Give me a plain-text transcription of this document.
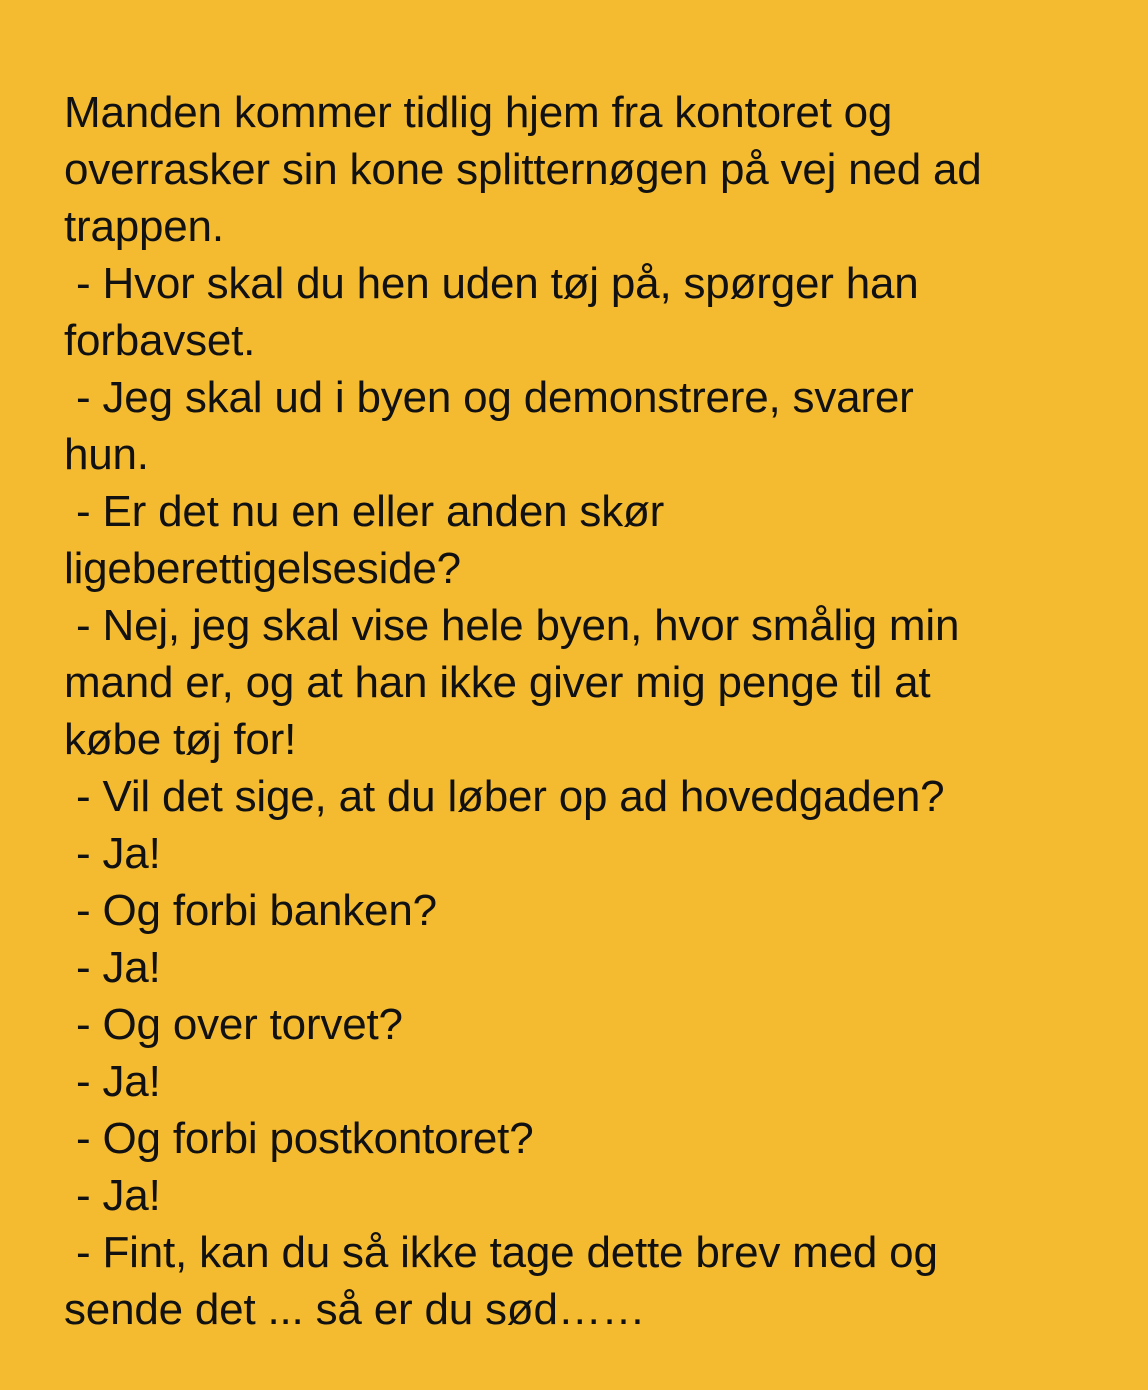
Manden kommer tidlig hjem fra kontoret og
overrasker sin kone splitternøgen på vej ned ad
trappen.
- Hvor skal du hen uden tøj på, spørger han
forbavset.
- Jeg skal ud i byen og demonstrere, svarer
hun.
- Er det nu en eller anden skør
ligeberettigelseside?
- Nej, jeg skal vise hele byen, hvor smålig min
mand er, og at han ikke giver mig penge til at
købe tøj for!
- Vil det sige, at du løber op ad hovedgaden?
- Ja!
- Og forbi banken?
- Ja!
- Og over torvet?
- Ja!
- Og forbi postkontoret?
- Ja!
- Fint, kan du så ikke tage dette brev med og
sende det ... så er du sød……
